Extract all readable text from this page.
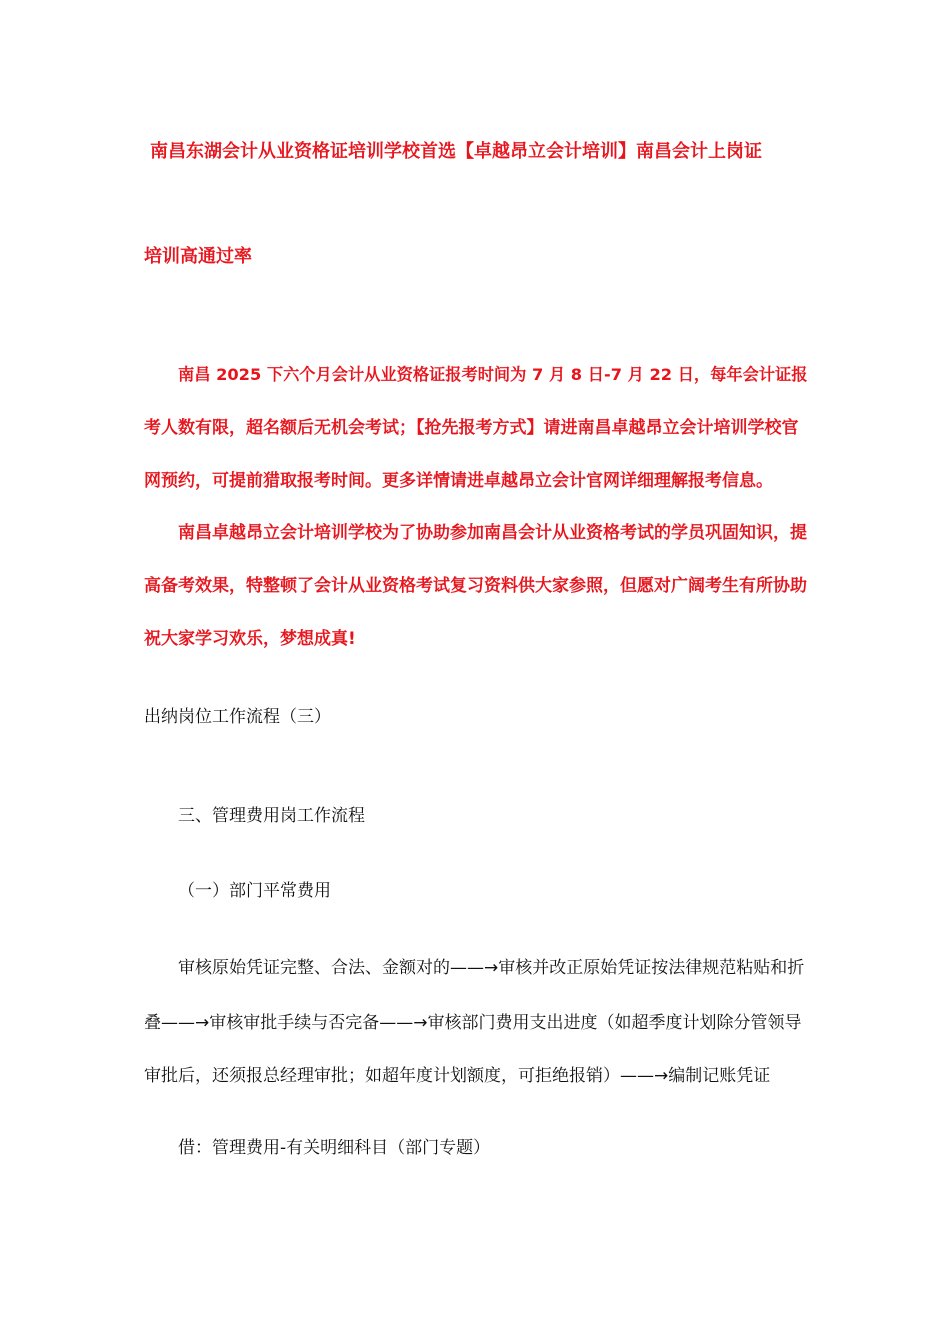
南昌东湖会计从业资格证培训学校首选【卓越昂立会计培训】南昌会计上岗证
培训高通过率
南昌 2025 下六个月会计从业资格证报考时间为 7 月 8 日-7 月 22 日，每年会计证报
考人数有限，超名额后无机会考试；【抢先报考方式】请进南昌卓越昂立会计培训学校官
网预约，可提前猎取报考时间。更多详情请进卓越昂立会计官网详细理解报考信息。
南昌卓越昂立会计培训学校为了协助参加南昌会计从业资格考试的学员巩固知识，提
高备考效果，特整顿了会计从业资格考试复习资料供大家参照，但愿对广阔考生有所协助
祝大家学习欢乐，梦想成真!
出纳岗位工作流程（三）
三、管理费用岗工作流程
（一）部门平常费用
审核原始凭证完整、合法、金额对的——→审核并改正原始凭证按法律规范粘贴和折
叠——→审核审批手续与否完备——→审核部门费用支出进度（如超季度计划除分管领导
审批后，还须报总经理审批；如超年度计划额度，可拒绝报销）——→编制记账凭证
借：管理费用-有关明细科目（部门专题）
